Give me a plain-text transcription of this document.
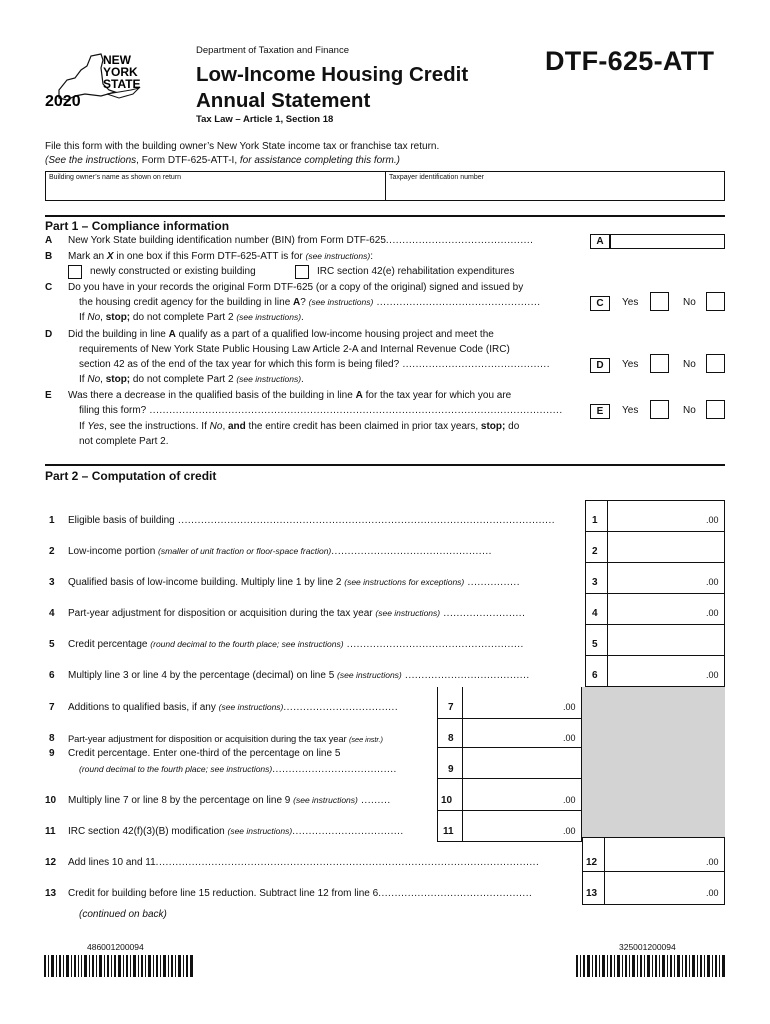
NEW
YORK
STATE
2020
Department of Taxation and Finance
Low-Income Housing Credit
Annual Statement
Tax Law – Article 1, Section 18
DTF-625-ATT
File this form with the building owner’s New York State income tax or franchise tax return.
(See the instructions, Form DTF-625-ATT-I, for assistance completing this form.)
Building owner’s name as shown on return	Taxpayer identification number
Part 1 – Compliance information
A New York State building identification number (BIN) from Form DTF-625.............................................	A
B Mark an X in one box if this Form DTF-625-ATT is for (see instructions):
newly constructed or existing building	IRC section 42(e) rehabilitation expenditures
C Do you have in your records the original Form DTF-625 (or a copy of the original) signed and issued by
the housing credit agency for the building in line A? (see instructions) ..................................................
If No, stop; do not complete Part 2 (see instructions).
C	Yes	No
D Did the building in line A qualify as a part of a qualified low-income housing project and meet the
requirements of New York State Public Housing Law Article 2-A and Internal Revenue Code (IRC)
section 42 as of the end of the tax year for which this form is being filed? .............................................
If No, stop; do not complete Part 2 (see instructions).
D	Yes	No
E Was there a decrease in the qualified basis of the building in line A for the tax year for which you are
filing this form? ..............................................................................................................................
If Yes, see the instructions. If No, and the entire credit has been claimed in prior tax years, stop; do
not complete Part 2.
E	Yes	No
Part 2 – Computation of credit
1 Eligible basis of building ...................................................................................................................	1	.00
2 Low-income portion (smaller of unit fraction or floor-space fraction).................................................	2
3 Qualified basis of low-income building. Multiply line 1 by line 2 (see instructions for exceptions) ................	3	.00
4 Part-year adjustment for disposition or acquisition during the tax year (see instructions) .........................	4	.00
5 Credit percentage (round decimal to the fourth place; see instructions) ......................................................	5
6 Multiply line 3 or line 4 by the percentage (decimal) on line 5 (see instructions) ......................................	6	.00
7 Additions to qualified basis, if any (see instructions)...................................	7	.00
8 Part-year adjustment for disposition or acquisition during the tax year (see instr.)	8	.00
9 Credit percentage. Enter one-third of the percentage on line 5
(round decimal to the fourth place; see instructions)......................................	9
10 Multiply line 7 or line 8 by the percentage on line 9 (see instructions) .........	10	.00
11 IRC section 42(f)(3)(B) modification (see instructions)..................................	11	.00
12 Add lines 10 and 11.....................................................................................................................	12	.00
13 Credit for building before line 15 reduction. Subtract line 12 from line 6...............................................	13	.00
(continued on back)
486001200094	325001200094
